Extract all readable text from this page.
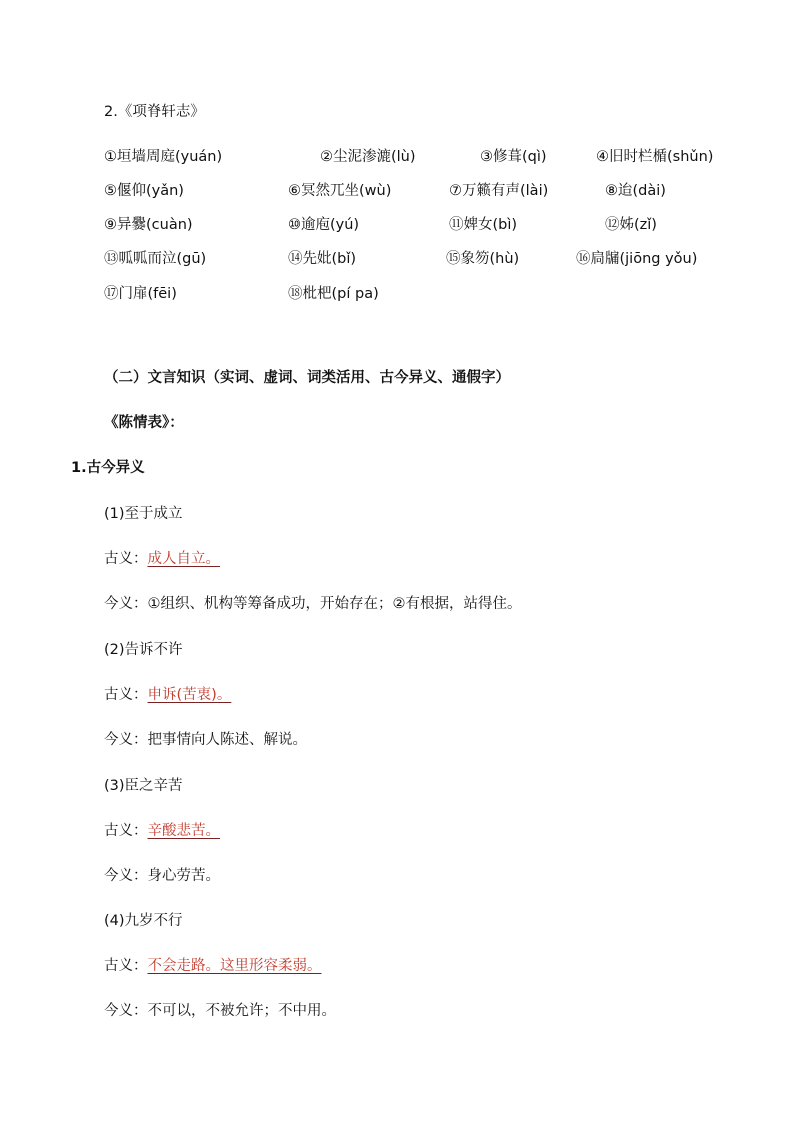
2.《项脊轩志》
①垣墙周庭(yuán)	②尘泥渗漉(lù)	③修葺(qì)	④旧时栏楯(shǔn)
⑤偃仰(yǎn)	⑥冥然兀坐(wù)	⑦万籁有声(lài)	⑧迨(dài)
⑨异爨(cuàn)	⑩逾庖(yú)	⑪婢女(bì)	⑫姊(zǐ)
⑬呱呱而泣(gū)	⑭先妣(bǐ)	⑮象笏(hù)	⑯扃牖(jiōng yǒu)
⑰门扉(fēi)	⑱枇杷(pí pa)
（二）文言知识（实词、虚词、词类活用、古今异义、通假字）
《陈情表》：
1.古今异义
(1)至于成立
古义：成人自立。
今义：①组织、机构等筹备成功，开始存在；②有根据，站得住。
(2)告诉不许
古义：申诉(苦衷)。
今义：把事情向人陈述、解说。
(3)臣之辛苦
古义：辛酸悲苦。
今义：身心劳苦。
(4)九岁不行
古义：不会走路。这里形容柔弱。
今义：不可以，不被允许；不中用。
